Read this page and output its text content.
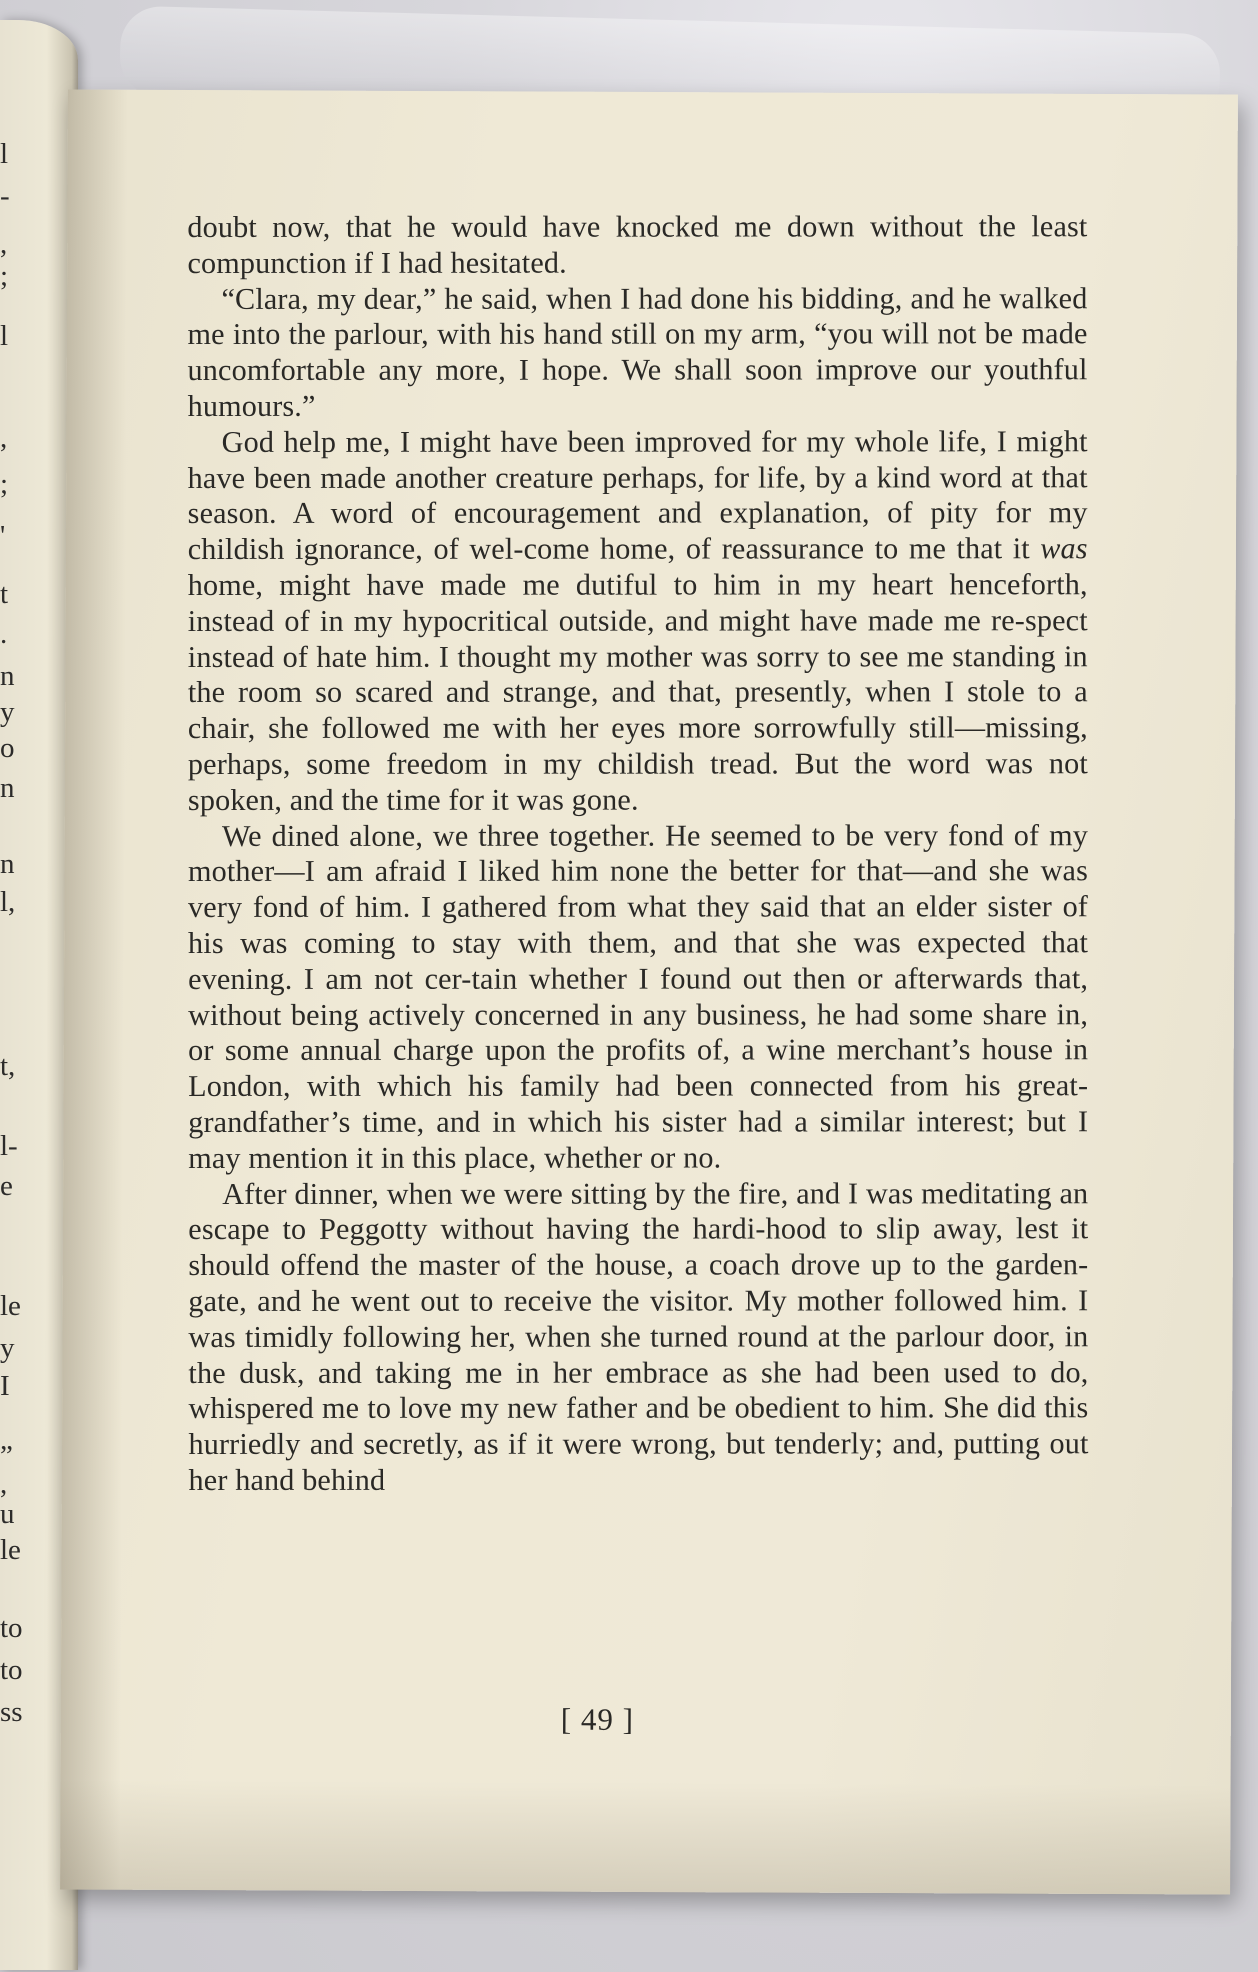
l
-
,
;
l
,
;
'
t
.
n
y
o
n
n
l,
t,
l-
e
le
y
I
”
,
u
le
to
to
ss

doubt now, that he would have knocked me down without the least compunction if I had hesitated.

“Clara, my dear,” he said, when I had done his bidding, and he walked me into the parlour, with his hand still on my arm, “you will not be made uncomfortable any more, I hope. We shall soon improve our youthful humours.”

God help me, I might have been improved for my whole life, I might have been made another creature perhaps, for life, by a kind word at that season. A word of encouragement and explanation, of pity for my childish ignorance, of wel-come home, of reassurance to me that it was home, might have made me dutiful to him in my heart henceforth, instead of in my hypocritical outside, and might have made me re-spect instead of hate him. I thought my mother was sorry to see me standing in the room so scared and strange, and that, presently, when I stole to a chair, she followed me with her eyes more sorrowfully still—missing, perhaps, some freedom in my childish tread. But the word was not spoken, and the time for it was gone.

We dined alone, we three together. He seemed to be very fond of my mother—I am afraid I liked him none the better for that—and she was very fond of him. I gathered from what they said that an elder sister of his was coming to stay with them, and that she was expected that evening. I am not cer-tain whether I found out then or afterwards that, without being actively concerned in any business, he had some share in, or some annual charge upon the profits of, a wine merchant’s house in London, with which his family had been connected from his great-grandfather’s time, and in which his sister had a similar interest; but I may mention it in this place, whether or no.

After dinner, when we were sitting by the fire, and I was meditating an escape to Peggotty without having the hardi-hood to slip away, lest it should offend the master of the house, a coach drove up to the garden-gate, and he went out to receive the visitor. My mother followed him. I was timidly following her, when she turned round at the parlour door, in the dusk, and taking me in her embrace as she had been used to do, whispered me to love my new father and be obedient to him. She did this hurriedly and secretly, as if it were wrong, but tenderly; and, putting out her hand behind

[ 49 ]
